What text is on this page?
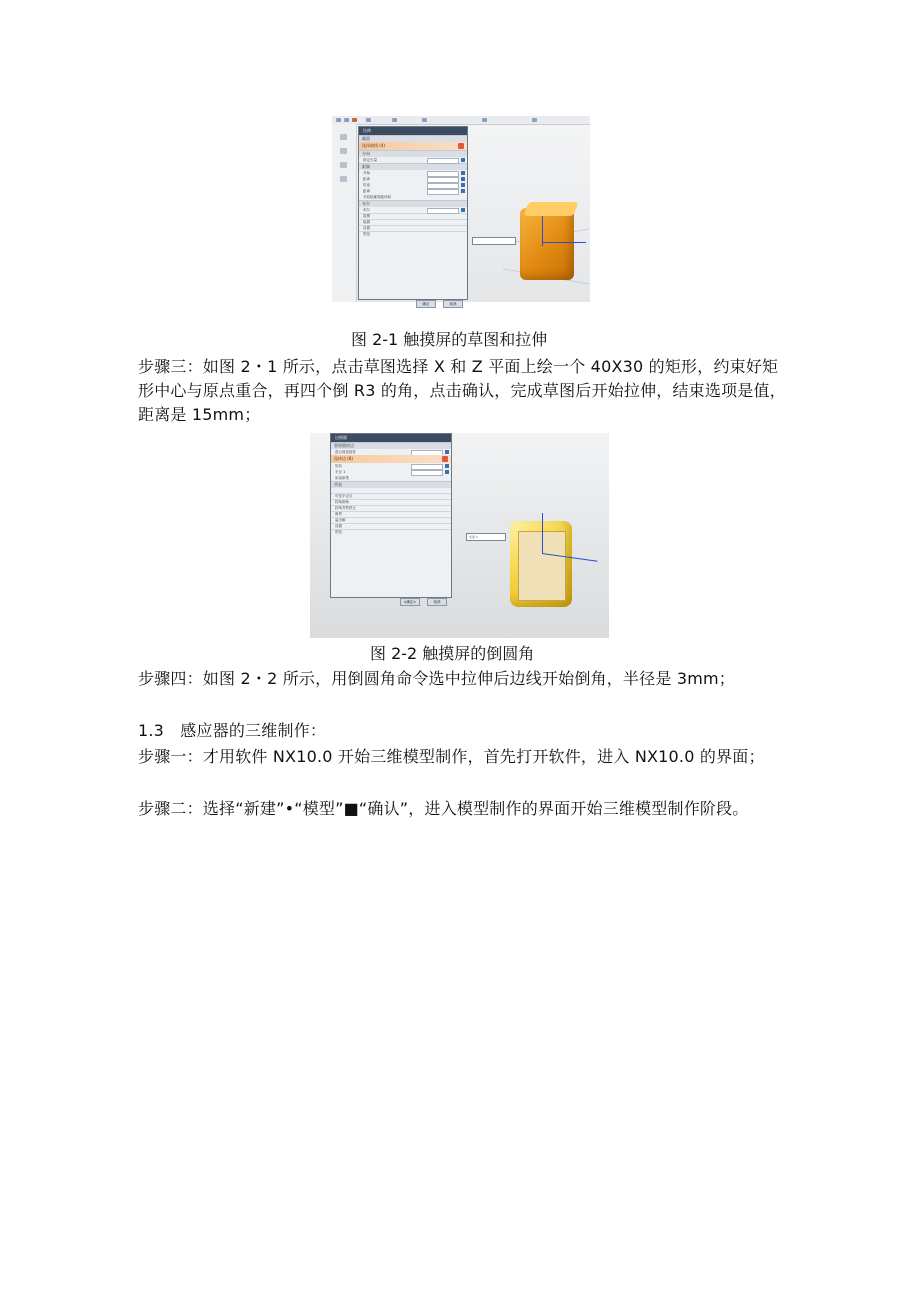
拉伸
截面
选择曲线 (4)
方向
指定矢量
限制
开始
距离
结束
距离
开放轮廓智能体积
布尔
布尔
拔模
偏置
设置
预览
确定	取消

图 2-1 触摸屏的草图和拉伸

步骤三：如图 2・1 所示，点击草图选择 X 和 Z 平面上绘一个 40X30 的矩形，约束好矩形中心与原点重合，再四个倒 R3 的角，点击确认，完成草图后开始拉伸，结束选项是值，距离是 15mm；

边倒圆
要倒圆的边
混合面连续性
选择边 (8)
形状
半径 1
添加新集
列表
可变半径点
拐角倒角
拐角突然停止
修剪
溢出解
设置
预览
<确定>	取消
半径 1

图 2-2 触摸屏的倒圆角

步骤四：如图 2・2 所示，用倒圆角命令选中拉伸后边线开始倒角，半径是 3mm；

1.3　感应器的三维制作：

步骤一：才用软件 NX10.0 开始三维模型制作，首先打开软件，进入 NX10.0 的界面；

步骤二：选择“新建”•“模型”■“确认”，进入模型制作的界面开始三维模型制作阶段。
